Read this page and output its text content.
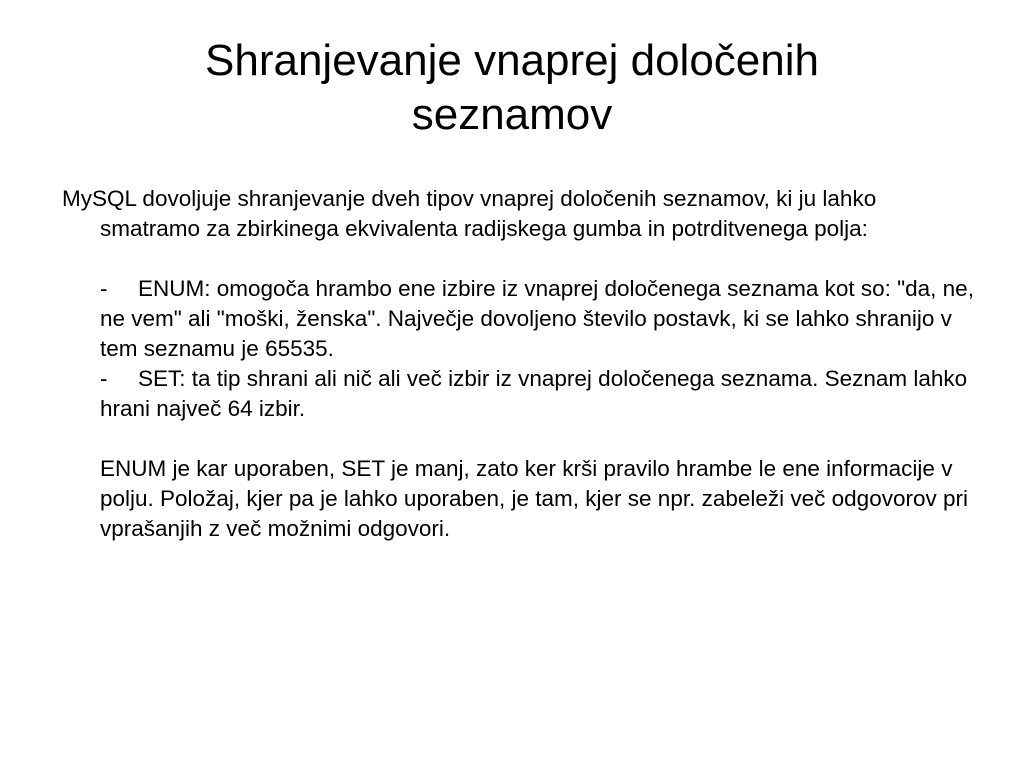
Shranjevanje vnaprej določenih seznamov

MySQL dovoljuje shranjevanje dveh tipov vnaprej določenih seznamov, ki ju lahko smatramo za zbirkinega ekvivalenta radijskega gumba in potrditvenega polja:

- ENUM: omogoča hrambo ene izbire iz vnaprej določenega seznama kot so: "da, ne, ne vem" ali "moški, ženska". Največje dovoljeno število postavk, ki se lahko shranijo v tem seznamu je 65535.

- SET: ta tip shrani ali nič ali več izbir iz vnaprej določenega seznama. Seznam lahko hrani največ 64 izbir.

ENUM je kar uporaben, SET je manj, zato ker krši pravilo hrambe le ene informacije v polju. Položaj, kjer pa je lahko uporaben, je tam, kjer se npr. zabeleži več odgovorov pri vprašanjih z več možnimi odgovori.
